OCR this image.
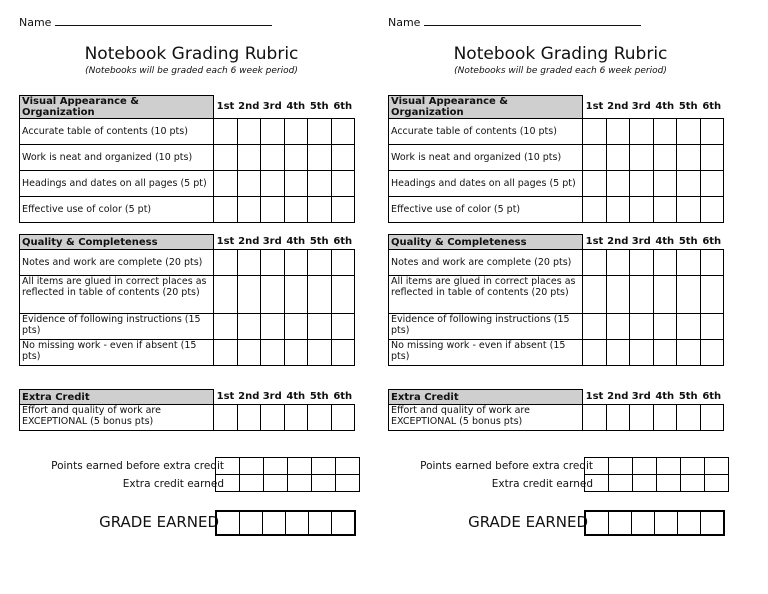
Name
Notebook Grading Rubric
(Notebooks will be graded each 6 week period)
Visual Appearance & Organization	1st	2nd	3rd	4th	5th	6th
Accurate table of contents (10 pts)						
Work is neat and organized (10 pts)						
Headings and dates on all pages (5 pt)						
Effective use of color (5 pt)						
Quality & Completeness	1st	2nd	3rd	4th	5th	6th
Notes and work are complete (20 pts)						
All items are glued in correct places as reflected in table of contents (20 pts)						
Evidence of following instructions (15 pts)						
No missing work - even if absent (15 pts)						
Extra Credit	1st	2nd	3rd	4th	5th	6th
Effort and quality of work are EXCEPTIONAL (5 bonus pts)						
Points earned before extra credit
Extra credit earned
GRADE EARNED
Name
Notebook Grading Rubric
(Notebooks will be graded each 6 week period)
Visual Appearance & Organization	1st	2nd	3rd	4th	5th	6th
Accurate table of contents (10 pts)						
Work is neat and organized (10 pts)						
Headings and dates on all pages (5 pt)						
Effective use of color (5 pt)						
Quality & Completeness	1st	2nd	3rd	4th	5th	6th
Notes and work are complete (20 pts)						
All items are glued in correct places as reflected in table of contents (20 pts)						
Evidence of following instructions (15 pts)						
No missing work - even if absent (15 pts)						
Extra Credit	1st	2nd	3rd	4th	5th	6th
Effort and quality of work are EXCEPTIONAL (5 bonus pts)						
Points earned before extra credit
Extra credit earned
GRADE EARNED
